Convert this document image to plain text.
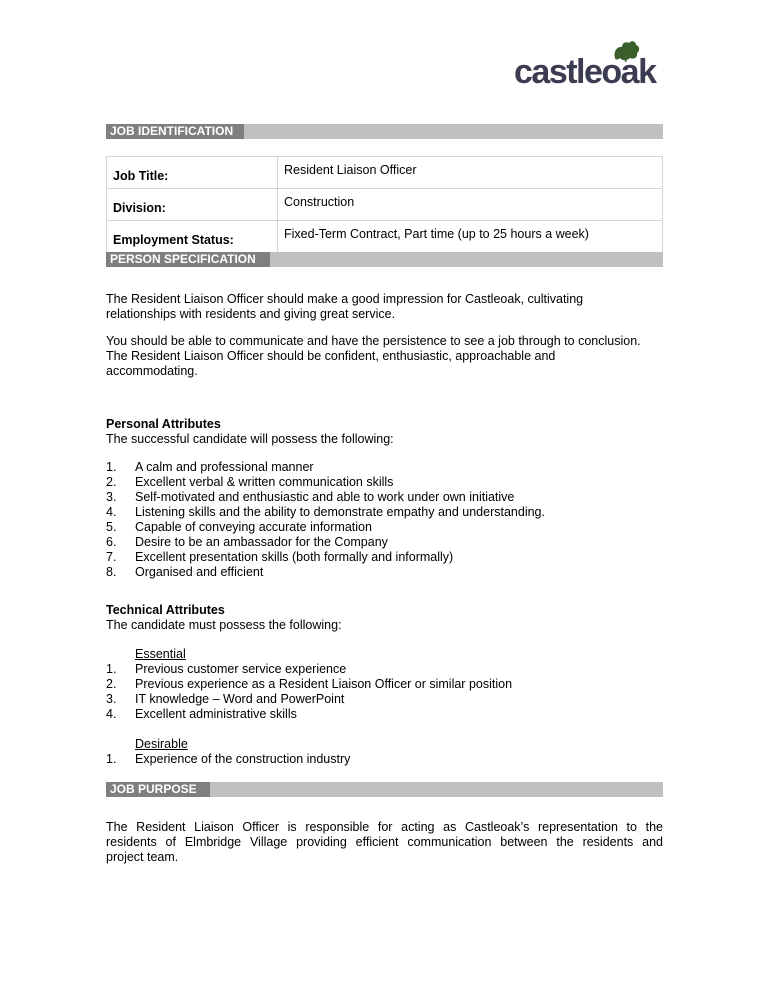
castleoak
JOB IDENTIFICATION
Job Title:	Resident Liaison Officer
Division:	Construction
Employment Status:	Fixed-Term Contract, Part time (up to 25 hours a week)
PERSON SPECIFICATION

The Resident Liaison Officer should make a good impression for Castleoak, cultivating
relationships with residents and giving great service.

You should be able to communicate and have the persistence to see a job through to conclusion.
The Resident Liaison Officer should be confident, enthusiastic, approachable and
accommodating.

Personal Attributes
The successful candidate will possess the following:

1. A calm and professional manner
2. Excellent verbal & written communication skills
3. Self-motivated and enthusiastic and able to work under own initiative
4. Listening skills and the ability to demonstrate empathy and understanding.
5. Capable of conveying accurate information
6. Desire to be an ambassador for the Company
7. Excellent presentation skills (both formally and informally)
8. Organised and efficient

Technical Attributes
The candidate must possess the following:

Essential
1. Previous customer service experience
2. Previous experience as a Resident Liaison Officer or similar position
3. IT knowledge – Word and PowerPoint
4. Excellent administrative skills
Desirable
1. Experience of the construction industry
JOB PURPOSE

The Resident Liaison Officer is responsible for acting as Castleoak’s representation to the
residents of Elmbridge Village providing efficient communication between the residents and
project team.
